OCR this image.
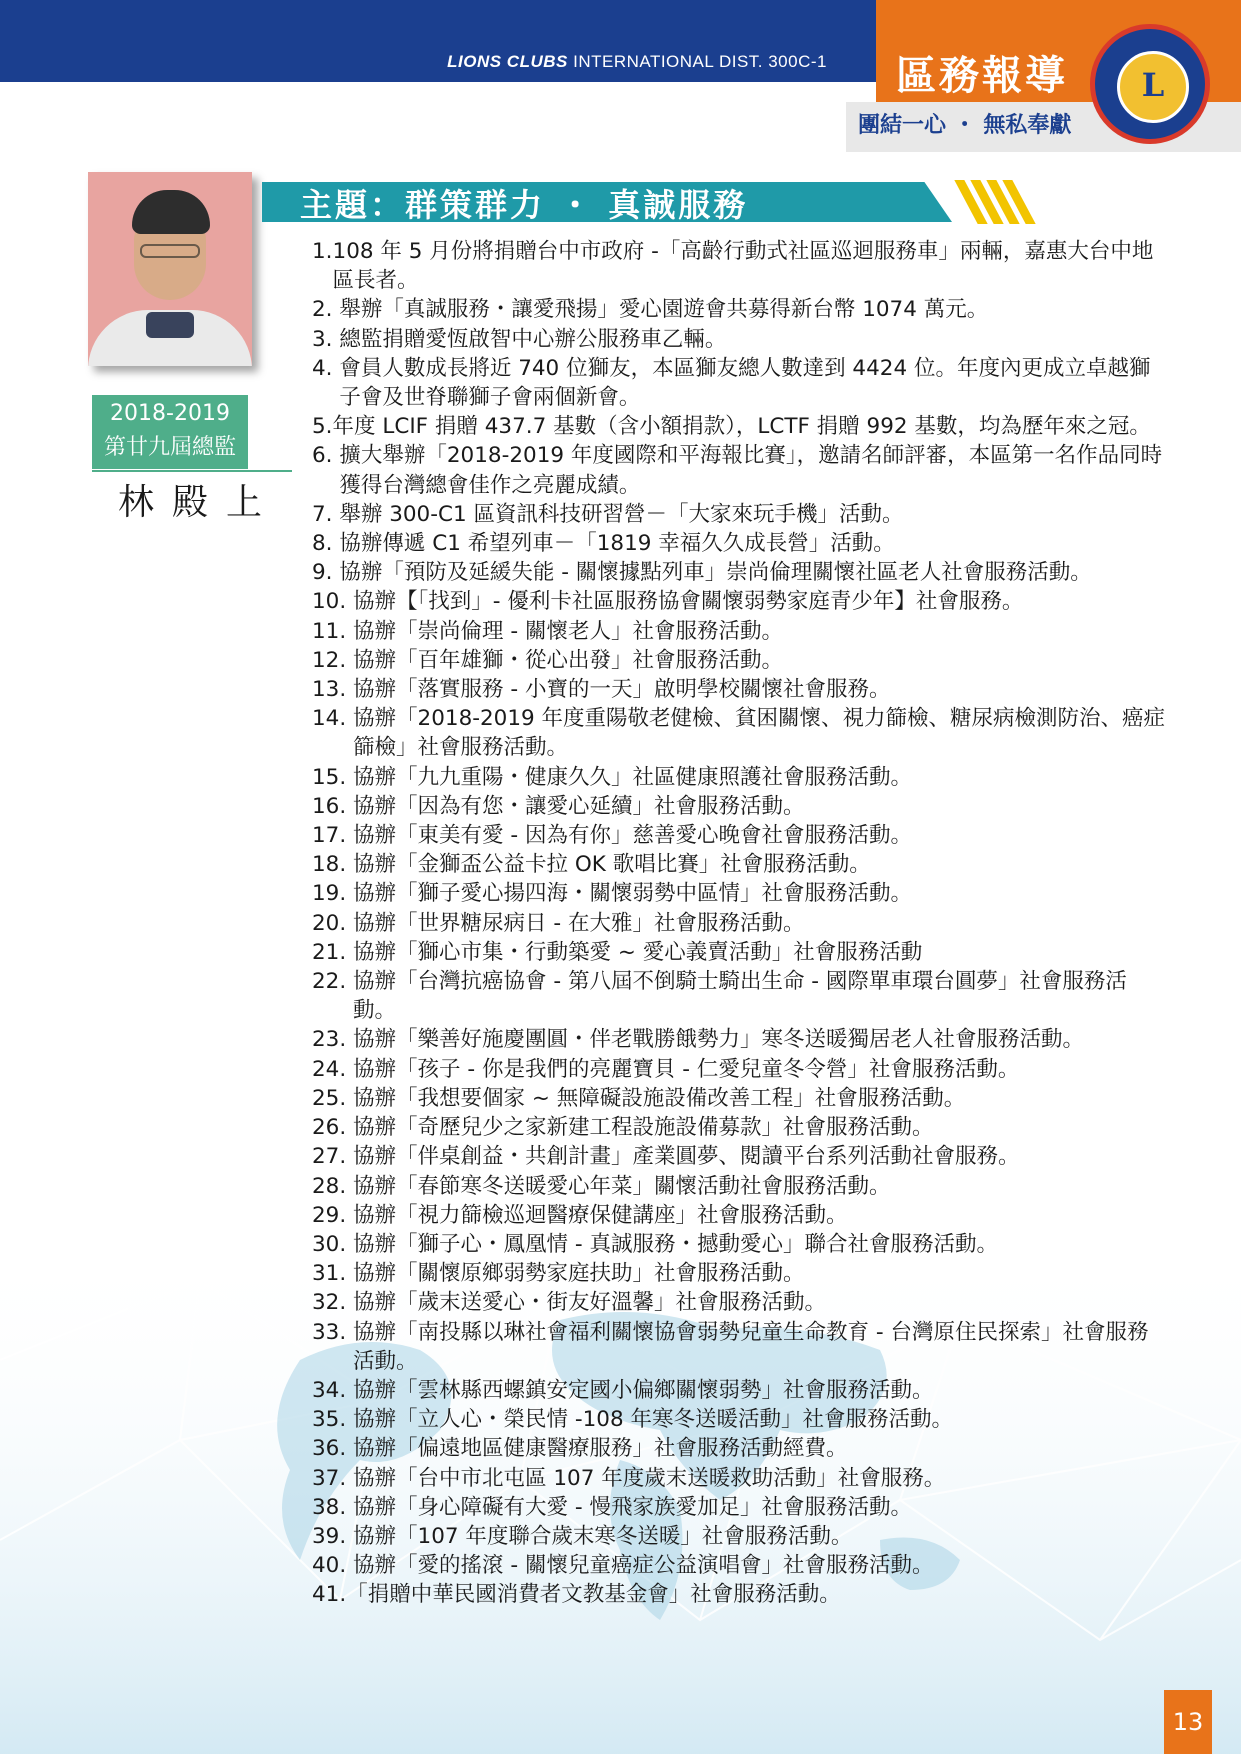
LIONS CLUBS INTERNATIONAL DIST. 300C-1 區務報導
團結一心 ・ 無私奉獻
L
2018-2019
第廿九屆總監
林殿上
主題：群策群力 ・ 真誠服務
1. 108 年 5 月份將捐贈台中市政府 -「高齡行動式社區巡迴服務車」兩輛，嘉惠大台中地區長者。
2. 舉辦「真誠服務・讓愛飛揚」愛心園遊會共募得新台幣 1074 萬元。
3. 總監捐贈愛恆啟智中心辦公服務車乙輛。
4. 會員人數成長將近 740 位獅友，本區獅友總人數達到 4424 位。年度內更成立卓越獅子會及世脊聯獅子會兩個新會。
5. 年度 LCIF 捐贈 437.7 基數（含小額捐款），LCTF 捐贈 992 基數，均為歷年來之冠。
6. 擴大舉辦「2018-2019 年度國際和平海報比賽」，邀請名師評審，本區第一名作品同時獲得台灣總會佳作之亮麗成績。
7. 舉辦 300-C1 區資訊科技研習營－「大家來玩手機」活動。
8. 協辦傳遞 C1 希望列車－「1819 幸福久久成長營」活動。
9. 協辦「預防及延緩失能 - 關懷據點列車」崇尚倫理關懷社區老人社會服務活動。
10. 協辦【「找到」- 優利卡社區服務協會關懷弱勢家庭青少年】社會服務。
11. 協辦「崇尚倫理 - 關懷老人」社會服務活動。
12. 協辦「百年雄獅・從心出發」社會服務活動。
13. 協辦「落實服務 - 小寶的一天」啟明學校關懷社會服務。
14. 協辦「2018-2019 年度重陽敬老健檢、貧困關懷、視力篩檢、糖尿病檢測防治、癌症篩檢」社會服務活動。
15. 協辦「九九重陽・健康久久」社區健康照護社會服務活動。
16. 協辦「因為有您・讓愛心延續」社會服務活動。
17. 協辦「東美有愛 - 因為有你」慈善愛心晚會社會服務活動。
18. 協辦「金獅盃公益卡拉 OK 歌唱比賽」社會服務活動。
19. 協辦「獅子愛心揚四海・關懷弱勢中區情」社會服務活動。
20. 協辦「世界糖尿病日 - 在大雅」社會服務活動。
21. 協辦「獅心市集・行動築愛 ~ 愛心義賣活動」社會服務活動
22. 協辦「台灣抗癌協會 - 第八屆不倒騎士騎出生命 - 國際單車環台圓夢」社會服務活動。
23. 協辦「樂善好施慶團圓・伴老戰勝餓勢力」寒冬送暖獨居老人社會服務活動。
24. 協辦「孩子 - 你是我們的亮麗寶貝 - 仁愛兒童冬令營」社會服務活動。
25. 協辦「我想要個家 ~ 無障礙設施設備改善工程」社會服務活動。
26. 協辦「奇歷兒少之家新建工程設施設備募款」社會服務活動。
27. 協辦「伴桌創益・共創計畫」產業圓夢、閱讀平台系列活動社會服務。
28. 協辦「春節寒冬送暖愛心年菜」關懷活動社會服務活動。
29. 協辦「視力篩檢巡迴醫療保健講座」社會服務活動。
30. 協辦「獅子心・鳳凰情 - 真誠服務・撼動愛心」聯合社會服務活動。
31. 協辦「關懷原鄉弱勢家庭扶助」社會服務活動。
32. 協辦「歲末送愛心・街友好溫馨」社會服務活動。
33. 協辦「南投縣以琳社會福利關懷協會弱勢兒童生命教育 - 台灣原住民探索」社會服務活動。
34. 協辦「雲林縣西螺鎮安定國小偏鄉關懷弱勢」社會服務活動。
35. 協辦「立人心・榮民情 -108 年寒冬送暖活動」社會服務活動。
36. 協辦「偏遠地區健康醫療服務」社會服務活動經費。
37. 協辦「台中市北屯區 107 年度歲末送暖救助活動」社會服務。
38. 協辦「身心障礙有大愛 - 慢飛家族愛加足」社會服務活動。
39. 協辦「107 年度聯合歲末寒冬送暖」社會服務活動。
40. 協辦「愛的搖滾 - 關懷兒童癌症公益演唱會」社會服務活動。
41. 「捐贈中華民國消費者文教基金會」社會服務活動。
13
